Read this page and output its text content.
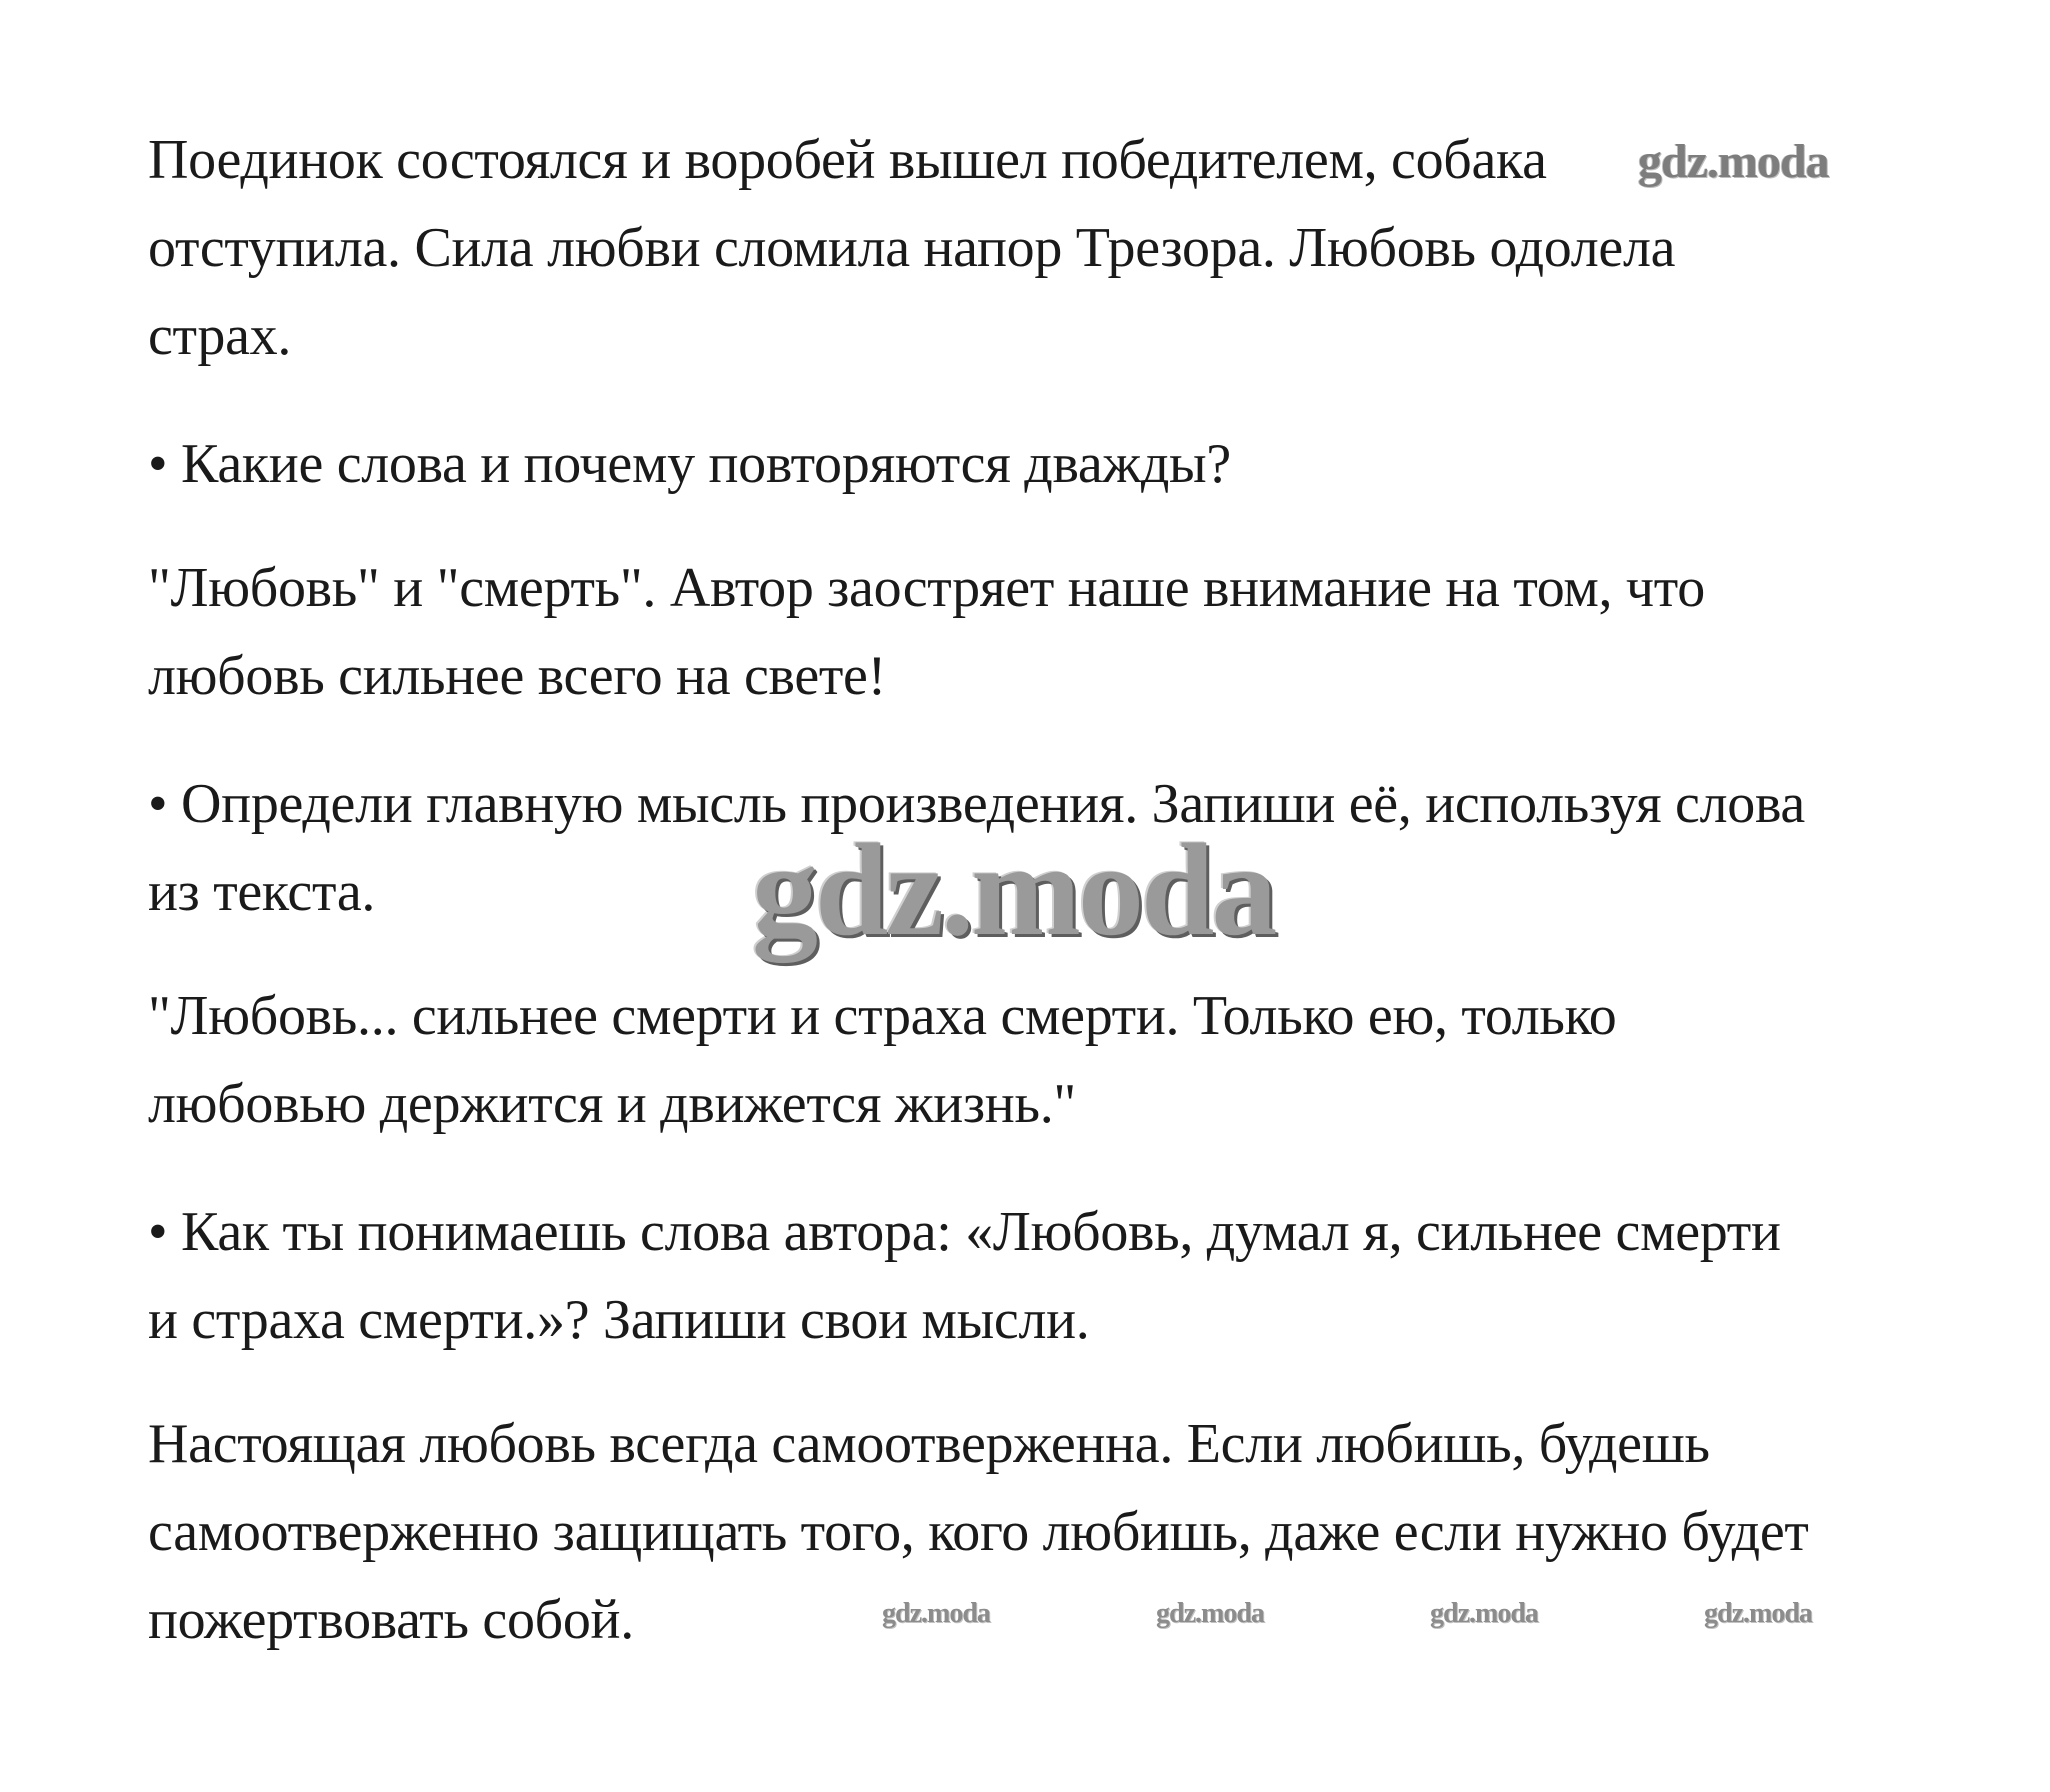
Поединок состоялся и воробей вышел победителем, собака
отступила. Сила любви сломила напор Трезора. Любовь одолела
страх.
• Какие слова и почему повторяются дважды?
"Любовь" и "смерть". Автор заостряет наше внимание на том, что
любовь сильнее всего на свете!
• Определи главную мысль произведения. Запиши её, используя слова
из текста.
"Любовь... сильнее смерти и страха смерти. Только ею, только
любовью держится и движется жизнь."
• Как ты понимаешь слова автора: «Любовь, думал я, сильнее смерти
и страха смерти.»? Запиши свои мысли.
Настоящая любовь всегда самоотверженна. Если любишь, будешь
самоотверженно защищать того, кого любишь, даже если нужно будет
пожертвовать собой.
gdz.moda
gdz.moda
gdz.moda	gdz.moda	gdz.moda	gdz.moda
